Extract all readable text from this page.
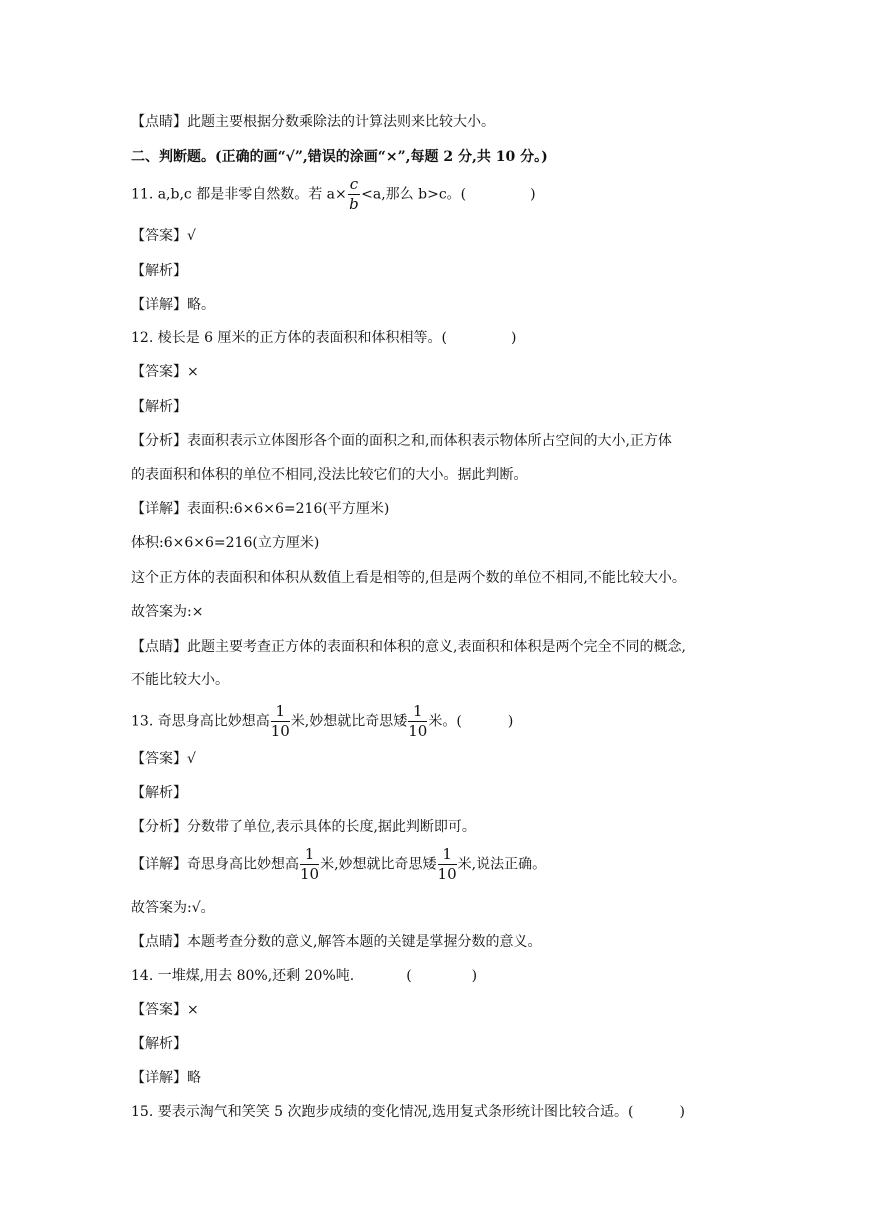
【点睛】此题主要根据分数乘除法的计算法则来比较大小。
二、判断题。(正确的画“√”,错误的涂画“×”,每题 2 分,共 10 分。)
11. a,b,c 都是非零自然数。若 $a\times \frac{c}{b} <a$,那么 b>c。(	)
【答案】√
【解析】
【详解】略。
12. 棱长是 6 厘米的正方体的表面积和体积相等。(	)
【答案】×
【解析】
【分析】表面积表示立体图形各个面的面积之和,而体积表示物体所占空间的大小,正方体
的表面积和体积的单位不相同,没法比较它们的大小。据此判断。
【详解】表面积:6×6×6=216(平方厘米)
体积:6×6×6=216(立方厘米)
这个正方体的表面积和体积从数值上看是相等的,但是两个数的单位不相同,不能比较大小。
故答案为:×
【点睛】此题主要考查正方体的表面积和体积的意义,表面积和体积是两个完全不同的概念,
不能比较大小。
13. 奇思身高比妙想高 $\frac{1}{10}$ 米,妙想就比奇思矮 $\frac{1}{10}$ 米。(	)
【答案】√
【解析】
【分析】分数带了单位,表示具体的长度,据此判断即可。
【详解】奇思身高比妙想高 $\frac{1}{10}$ 米,妙想就比奇思矮 $\frac{1}{10}$ 米,说法正确。
故答案为:√。
【点睛】本题考查分数的意义,解答本题的关键是掌握分数的意义。
14. 一堆煤,用去 80%,还剩 20%吨.	(	)
【答案】×
【解析】
【详解】略
15. 要表示淘气和笑笑 5 次跑步成绩的变化情况,选用复式条形统计图比较合适。(	)
